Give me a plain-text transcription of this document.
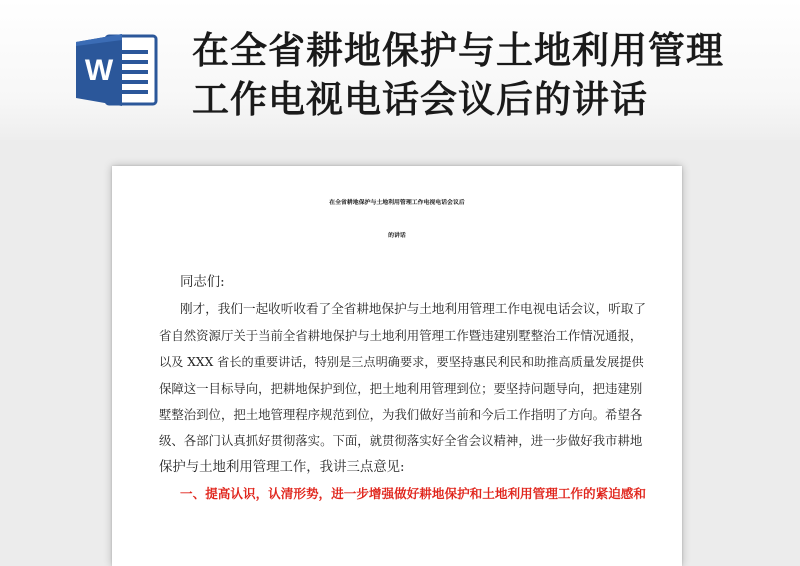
W 在全省耕地保护与土地利用管理
工作电视电话会议后的讲话
在全省耕地保护与土地利用管理工作电视电话会议后
的讲话
同志们:
刚才，我们一起收听收看了全省耕地保护与土地利用管理工作电视电话会议，听取了
省自然资源厅关于当前全省耕地保护与土地利用管理工作暨违建别墅整治工作情况通报，
以及 XXX 省长的重要讲话，特别是三点明确要求，要坚持惠民利民和助推高质量发展提供
保障这一目标导向，把耕地保护到位，把土地利用管理到位；要坚持问题导向，把违建别
墅整治到位，把土地管理程序规范到位，为我们做好当前和今后工作指明了方向。希望各
级、各部门认真抓好贯彻落实。下面，就贯彻落实好全省会议精神，进一步做好我市耕地
保护与土地利用管理工作，我讲三点意见:
一、提高认识，认清形势，进一步增强做好耕地保护和土地利用管理工作的紧迫感和
